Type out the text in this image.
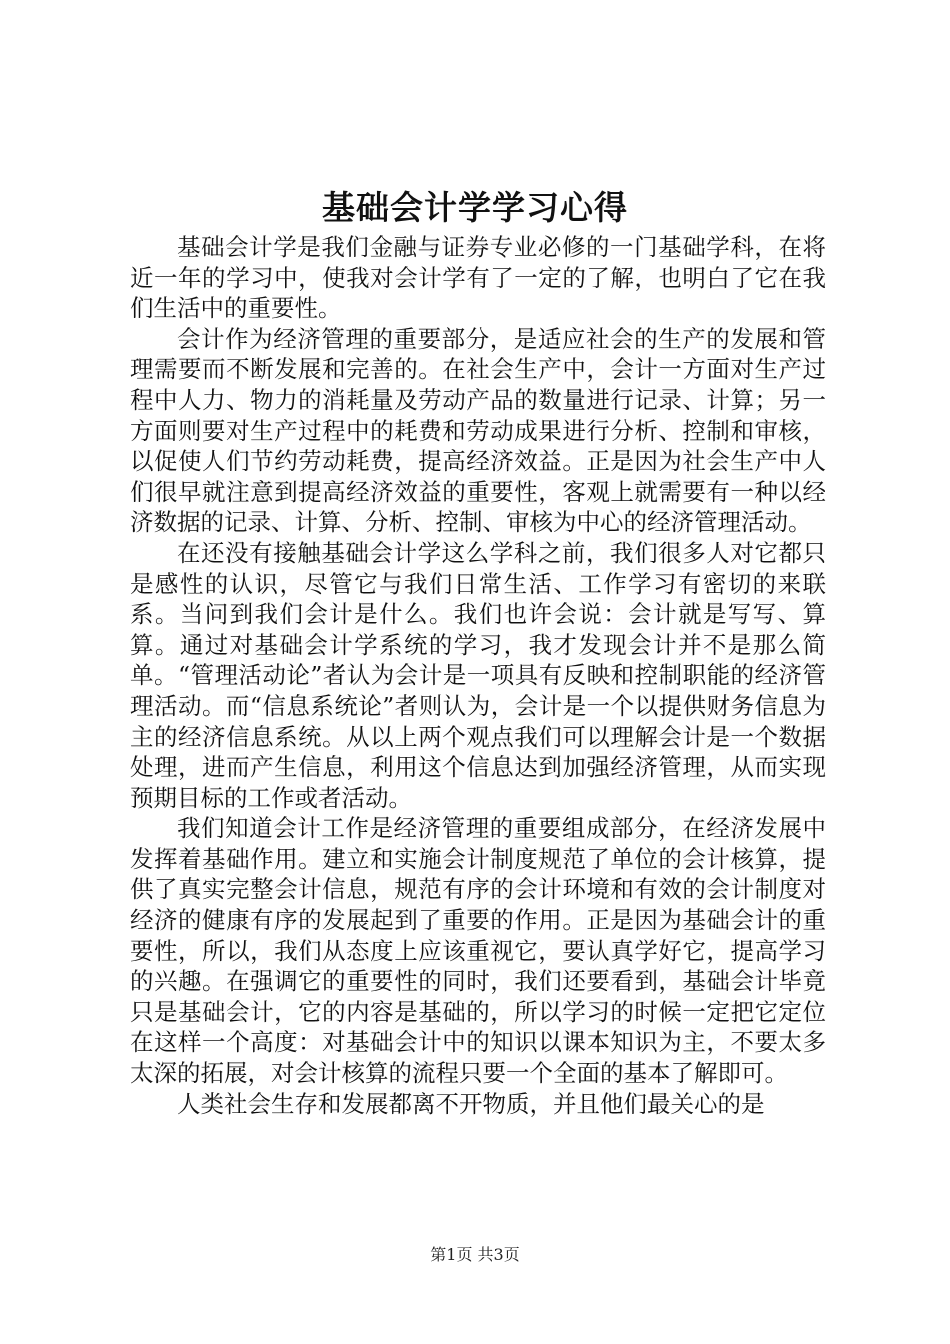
基础会计学学习心得

基础会计学是我们金融与证券专业必修的一门基础学科，在将近一年的学习中，使我对会计学有了一定的了解，也明白了它在我们生活中的重要性。

会计作为经济管理的重要部分，是适应社会的生产的发展和管理需要而不断发展和完善的。在社会生产中，会计一方面对生产过程中人力、物力的消耗量及劳动产品的数量进行记录、计算；另一方面则要对生产过程中的耗费和劳动成果进行分析、控制和审核，以促使人们节约劳动耗费，提高经济效益。正是因为社会生产中人们很早就注意到提高经济效益的重要性，客观上就需要有一种以经济数据的记录、计算、分析、控制、审核为中心的经济管理活动。

在还没有接触基础会计学这么学科之前，我们很多人对它都只是感性的认识，尽管它与我们日常生活、工作学习有密切的来联系。当问到我们会计是什么。我们也许会说：会计就是写写、算算。通过对基础会计学系统的学习，我才发现会计并不是那么简单。“管理活动论”者认为会计是一项具有反映和控制职能的经济管理活动。而“信息系统论”者则认为，会计是一个以提供财务信息为主的经济信息系统。从以上两个观点我们可以理解会计是一个数据处理，进而产生信息，利用这个信息达到加强经济管理，从而实现预期目标的工作或者活动。

我们知道会计工作是经济管理的重要组成部分，在经济发展中发挥着基础作用。建立和实施会计制度规范了单位的会计核算，提供了真实完整会计信息，规范有序的会计环境和有效的会计制度对经济的健康有序的发展起到了重要的作用。正是因为基础会计的重要性，所以，我们从态度上应该重视它，要认真学好它，提高学习的兴趣。在强调它的重要性的同时，我们还要看到，基础会计毕竟只是基础会计，它的内容是基础的，所以学习的时候一定把它定位在这样一个高度：对基础会计中的知识以课本知识为主，不要太多太深的拓展，对会计核算的流程只要一个全面的基本了解即可。

人类社会生存和发展都离不开物质，并且他们最关心的是

第1页 共3页
